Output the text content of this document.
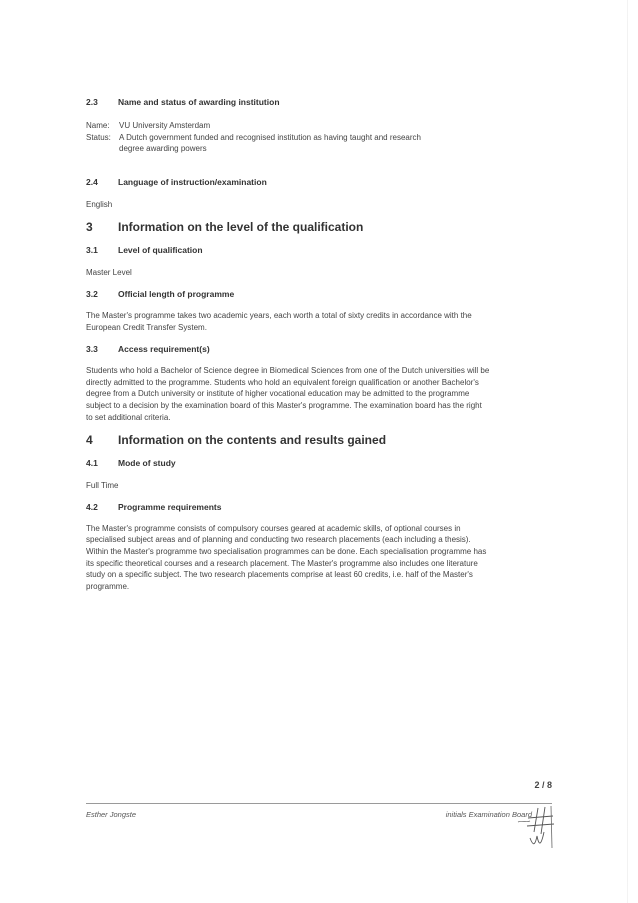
2.3	Name and status of awarding institution
Name:	VU University Amsterdam
Status:	A Dutch government funded and recognised institution as having taught and research
degree awarding powers
2.4	Language of instruction/examination
English
3	Information on the level of the qualification
3.1	Level of qualification
Master Level
3.2	Official length of programme
The Master's programme takes two academic years, each worth a total of sixty credits in accordance with the
European Credit Transfer System.
3.3	Access requirement(s)
Students who hold a Bachelor of Science degree in Biomedical Sciences from one of the Dutch universities will be
directly admitted to the programme. Students who hold an equivalent foreign qualification or another Bachelor's
degree from a Dutch university or institute of higher vocational education may be admitted to the programme
subject to a decision by the examination board of this Master's programme. The examination board has the right
to set additional criteria.
4	Information on the contents and results gained
4.1	Mode of study
Full Time
4.2	Programme requirements
The Master's programme consists of compulsory courses geared at academic skills, of optional courses in
specialised subject areas and of planning and conducting two research placements (each including a thesis).
Within the Master's programme two specialisation programmes can be done. Each specialisation programme has
its specific theoretical courses and a research placement. The Master's programme also includes one literature
study on a specific subject. The two research placements comprise at least 60 credits, i.e. half of the Master's
programme.
2 / 8
Esther Jongste	initials Examination Board
